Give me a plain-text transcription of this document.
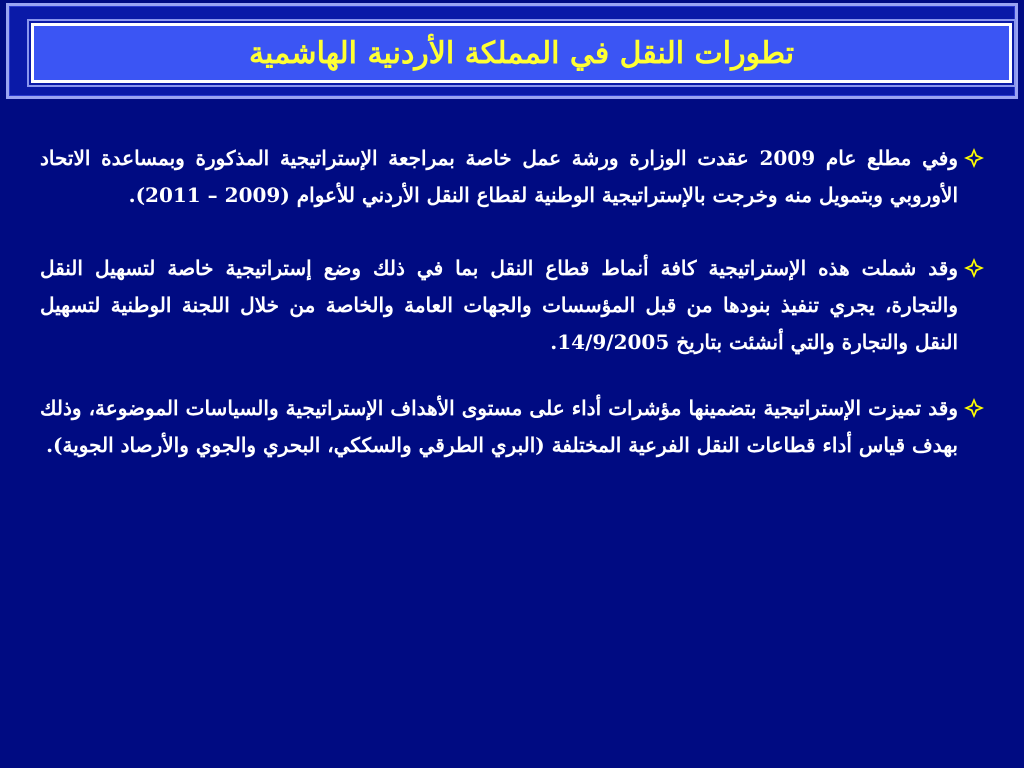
تطورات النقل في المملكة الأردنية الهاشمية
وفي مطلع عام 2009 عقدت الوزارة ورشة عمل خاصة بمراجعة الإستراتيجية المذكورة وبمساعدة الاتحاد الأوروبي وبتمويل منه وخرجت بالإستراتيجية الوطنية لقطاع النقل الأردني للأعوام (2009 – 2011).
وقد شملت هذه الإستراتيجية كافة أنماط قطاع النقل بما في ذلك وضع إستراتيجية خاصة لتسهيل النقل والتجارة، يجري تنفيذ بنودها من قبل المؤسسات والجهات العامة والخاصة من خلال اللجنة الوطنية لتسهيل النقل والتجارة والتي أنشئت بتاريخ 14/9/2005.
وقد تميزت الإستراتيجية بتضمينها مؤشرات أداء على مستوى الأهداف الإستراتيجية والسياسات الموضوعة، وذلك بهدف قياس أداء قطاعات النقل الفرعية المختلفة (البري الطرقي والسككي، البحري والجوي والأرصاد الجوية).
